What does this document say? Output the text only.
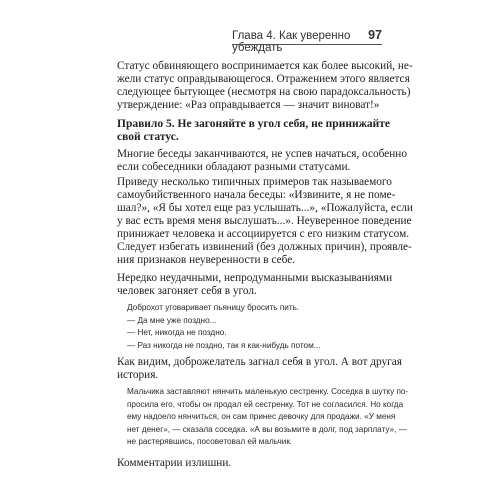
Глава 4. Как уверенно убеждать
97
Статус обвиняющего воспринимается как более высокий, не-
жели статус оправдывающегося. Отражением этого является
следующее бытующее (несмотря на свою парадоксальность)
утверждение: «Раз оправдывается — значит виноват!»
Правило 5. Не загоняйте в угол себя, не принижайте
свой статус.
Многие беседы заканчиваются, не успев начаться, особенно
если собеседники обладают разными статусами.
Приведу несколько типичных примеров так называемого
самоубийственного начала беседы: «Извините, я не поме-
шал?», «Я бы хотел еще раз услышать...», «Пожалуйста, если
у вас есть время меня выслушать...». Неуверенное поведение
принижает человека и ассоциируется с его низким статусом.
Следует избегать извинений (без должных причин), проявле-
ния признаков неуверенности в себе.
Нередко неудачными, непродуманными высказываниями
человек загоняет себя в угол.
Доброхот уговаривает пьяницу бросить пить.
— Да мне уже поздно...
— Нет, никогда не поздно.
— Раз никогда не поздно, так я как-нибудь потом...
Как видим, доброжелатель загнал себя в угол. А вот другая
история.
Мальчика заставляют нянчить маленькую сестренку. Соседка в шутку по-
просила его, чтобы он продал ей сестренку. Тот не согласился. Но когда
ему надоело нянчиться, он сам принес девочку для продажи. «У меня
нет денег», — сказала соседка. «А вы возьмите в долг, под зарплату», —
не растерявшись, посоветовал ей мальчик.
Комментарии излишни.
